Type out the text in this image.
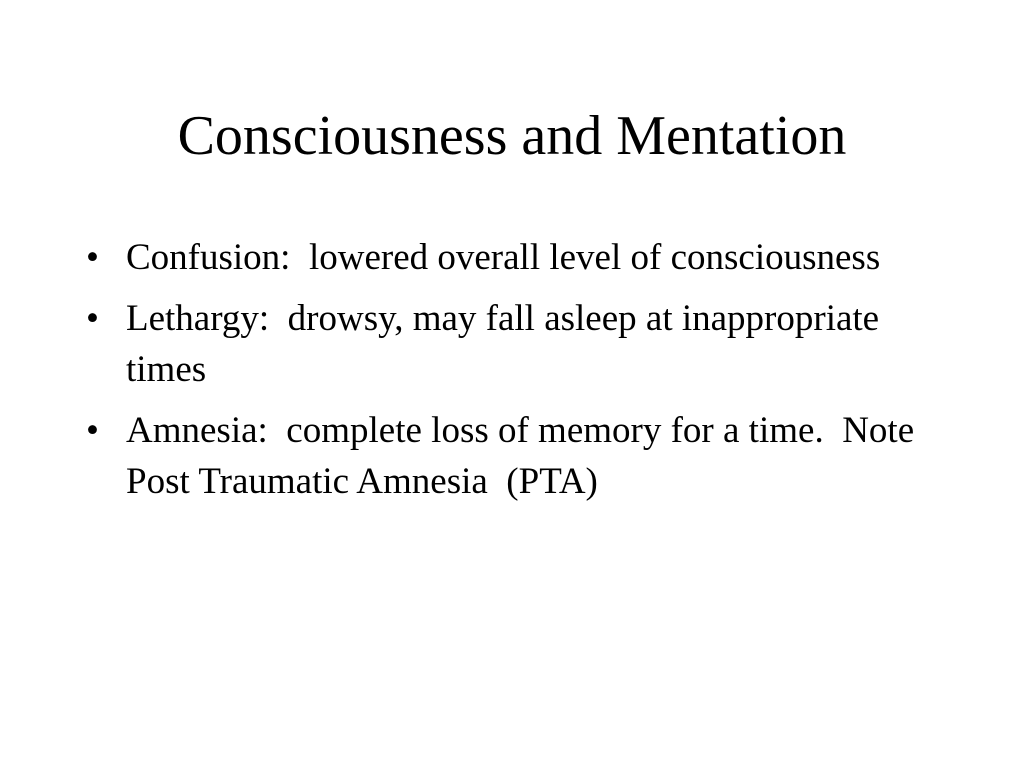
Consciousness and Mentation
• Confusion:  lowered overall level of consciousness
• Lethargy:  drowsy, may fall asleep at inappropriate times
• Amnesia:  complete loss of memory for a time.  Note Post Traumatic Amnesia  (PTA)
